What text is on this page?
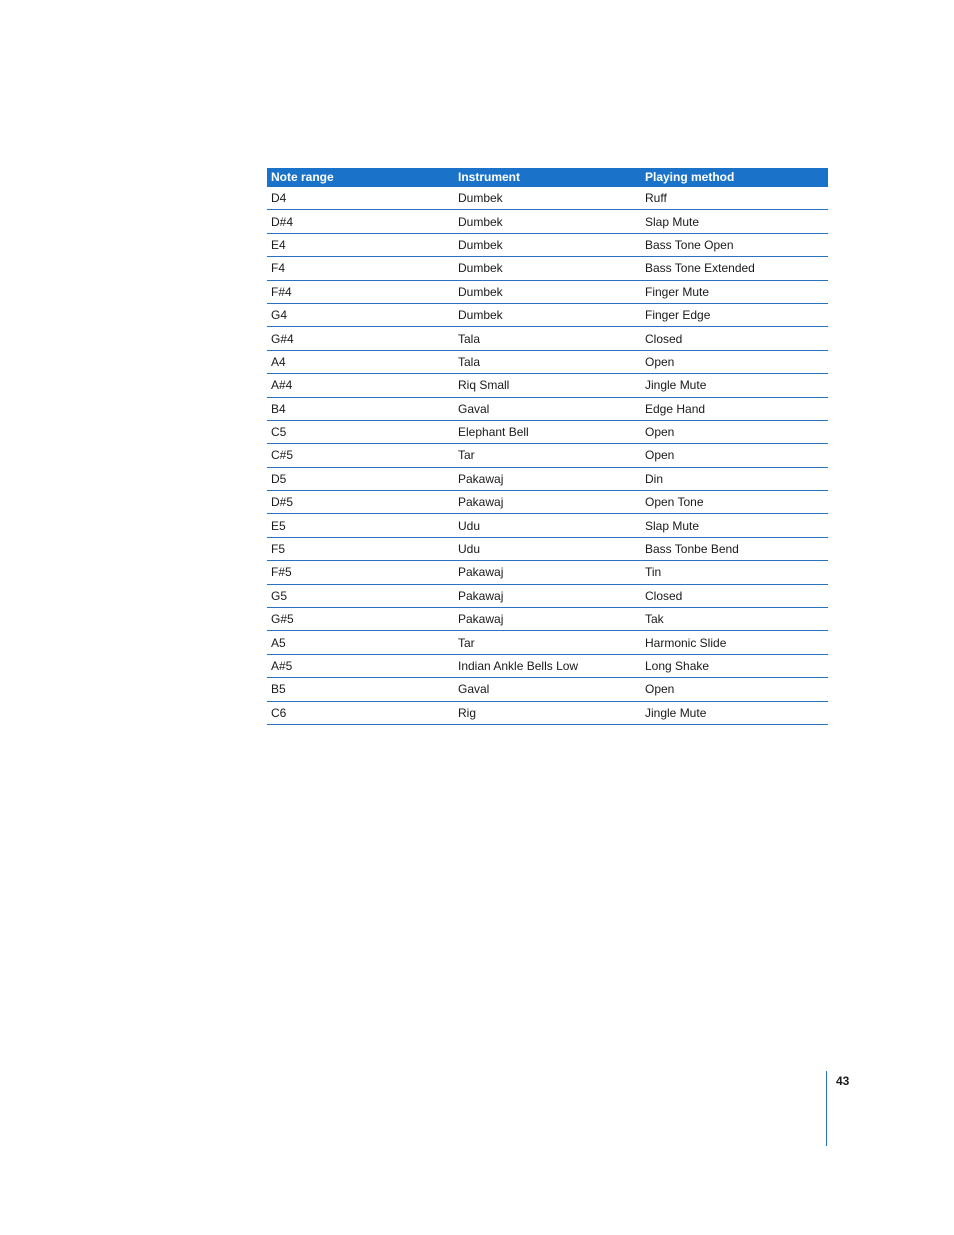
Note range	Instrument	Playing method
D4	Dumbek	Ruff
D#4	Dumbek	Slap Mute
E4	Dumbek	Bass Tone Open
F4	Dumbek	Bass Tone Extended
F#4	Dumbek	Finger Mute
G4	Dumbek	Finger Edge
G#4	Tala	Closed
A4	Tala	Open
A#4	Riq Small	Jingle Mute
B4	Gaval	Edge Hand
C5	Elephant Bell	Open
C#5	Tar	Open
D5	Pakawaj	Din
D#5	Pakawaj	Open Tone
E5	Udu	Slap Mute
F5	Udu	Bass Tonbe Bend
F#5	Pakawaj	Tin
G5	Pakawaj	Closed
G#5	Pakawaj	Tak
A5	Tar	Harmonic Slide
A#5	Indian Ankle Bells Low	Long Shake
B5	Gaval	Open
C6	Rig	Jingle Mute
43
